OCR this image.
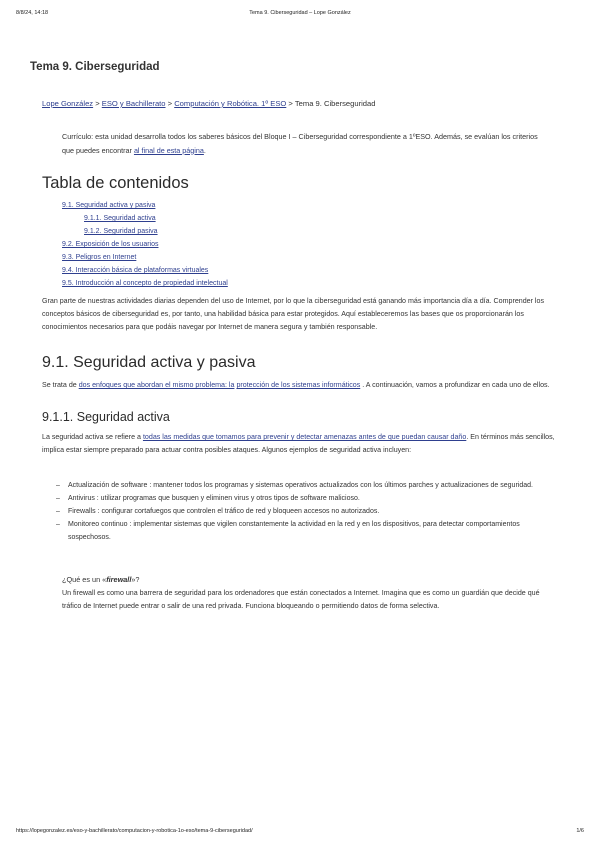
8/8/24, 14:18	Tema 9. Ciberseguridad – Lope González
Tema 9. Ciberseguridad
Lope González > ESO y Bachillerato > Computación y Robótica. 1º ESO > Tema 9. Ciberseguridad

Currículo: esta unidad desarrolla todos los saberes básicos del Bloque I – Ciberseguridad correspondiente a 1ºESO. Además, se evalúan los criterios que puedes encontrar al final de esta página.

Tabla de contenidos
9.1. Seguridad activa y pasiva
9.1.1. Seguridad activa
9.1.2. Seguridad pasiva
9.2. Exposición de los usuarios
9.3. Peligros en Internet
9.4. Interacción básica de plataformas virtuales
9.5. Introducción al concepto de propiedad intelectual

Gran parte de nuestras actividades diarias dependen del uso de Internet, por lo que la ciberseguridad está ganando más importancia día a día. Comprender los conceptos básicos de ciberseguridad es, por tanto, una habilidad básica para estar protegidos. Aquí estableceremos las bases que os proporcionarán los conocimientos necesarios para que podáis navegar por Internet de manera segura y también responsable.

9.1. Seguridad activa y pasiva

Se trata de dos enfoques que abordan el mismo problema: la protección de los sistemas informáticos . A continuación, vamos a profundizar en cada uno de ellos.

9.1.1. Seguridad activa

La seguridad activa se refiere a todas las medidas que tomamos para prevenir y detectar amenazas antes de que puedan causar daño. En términos más sencillos, implica estar siempre preparado para actuar contra posibles ataques. Algunos ejemplos de seguridad activa incluyen:

– Actualización de software : mantener todos los programas y sistemas operativos actualizados con los últimos parches y actualizaciones de seguridad.
– Antivirus : utilizar programas que busquen y eliminen virus y otros tipos de software malicioso.
– Firewalls : configurar cortafuegos que controlen el tráfico de red y bloqueen accesos no autorizados.
– Monitoreo continuo : implementar sistemas que vigilen constantemente la actividad en la red y en los dispositivos, para detectar comportamientos sospechosos.

¿Qué es un «firewall»?

Un firewall es como una barrera de seguridad para los ordenadores que están conectados a Internet. Imagina que es como un guardián que decide qué tráfico de Internet puede entrar o salir de una red privada. Funciona bloqueando o permitiendo datos de forma selectiva.

https://lopegonzalez.es/eso-y-bachillerato/computacion-y-robotica-1o-eso/tema-9-ciberseguridad/	1/6
